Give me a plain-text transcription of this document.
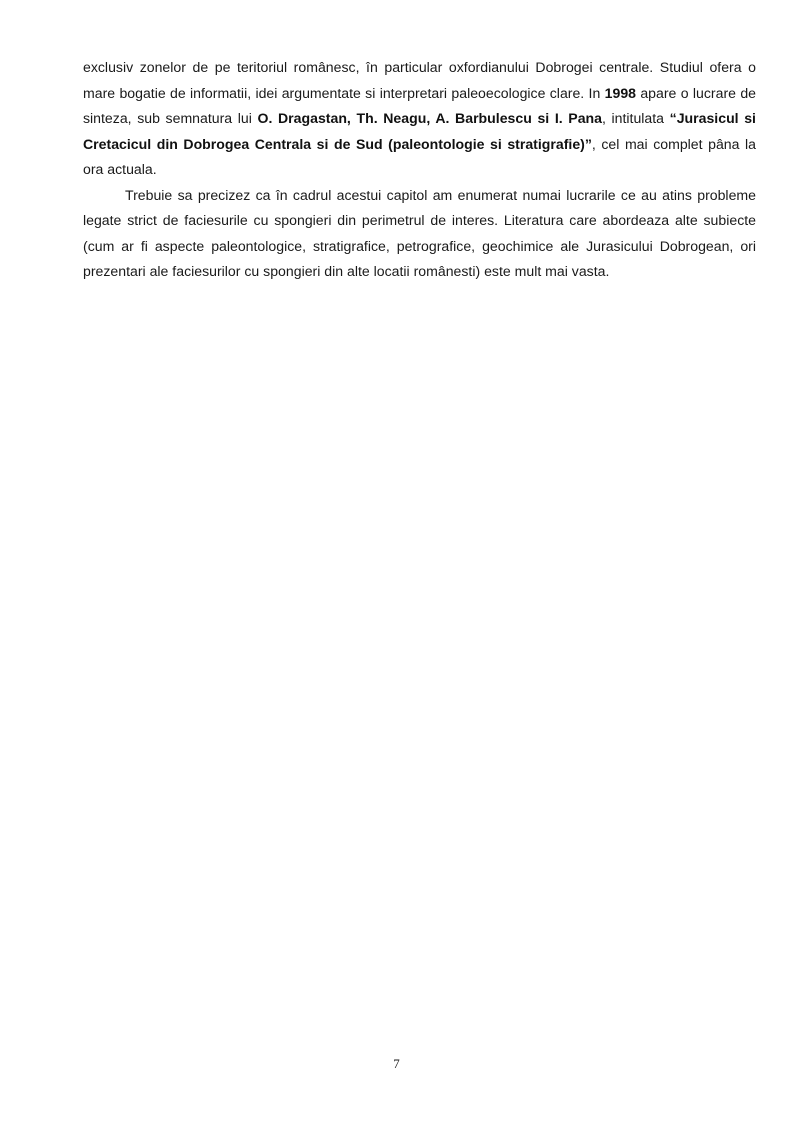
exclusiv zonelor de pe teritoriul românesc, în particular oxfordianului Dobrogei centrale. Studiul ofera o mare bogatie de informatii, idei argumentate si interpretari paleoecologice clare. In 1998 apare o lucrare de sinteza, sub semnatura lui O. Dragastan, Th. Neagu, A. Barbulescu si I. Pana, intitulata “Jurasicul si Cretacicul din Dobrogea Centrala si de Sud (paleontologie si stratigrafie)”, cel mai complet pâna la ora actuala.

Trebuie sa precizez ca în cadrul acestui capitol am enumerat numai lucrarile ce au atins probleme legate strict de faciesurile cu spongieri din perimetrul de interes. Literatura care abordeaza alte subiecte (cum ar fi aspecte paleontologice, stratigrafice, petrografice, geochimice ale Jurasicului Dobrogean, ori prezentari ale faciesurilor cu spongieri din alte locatii românesti) este mult mai vasta.

7
